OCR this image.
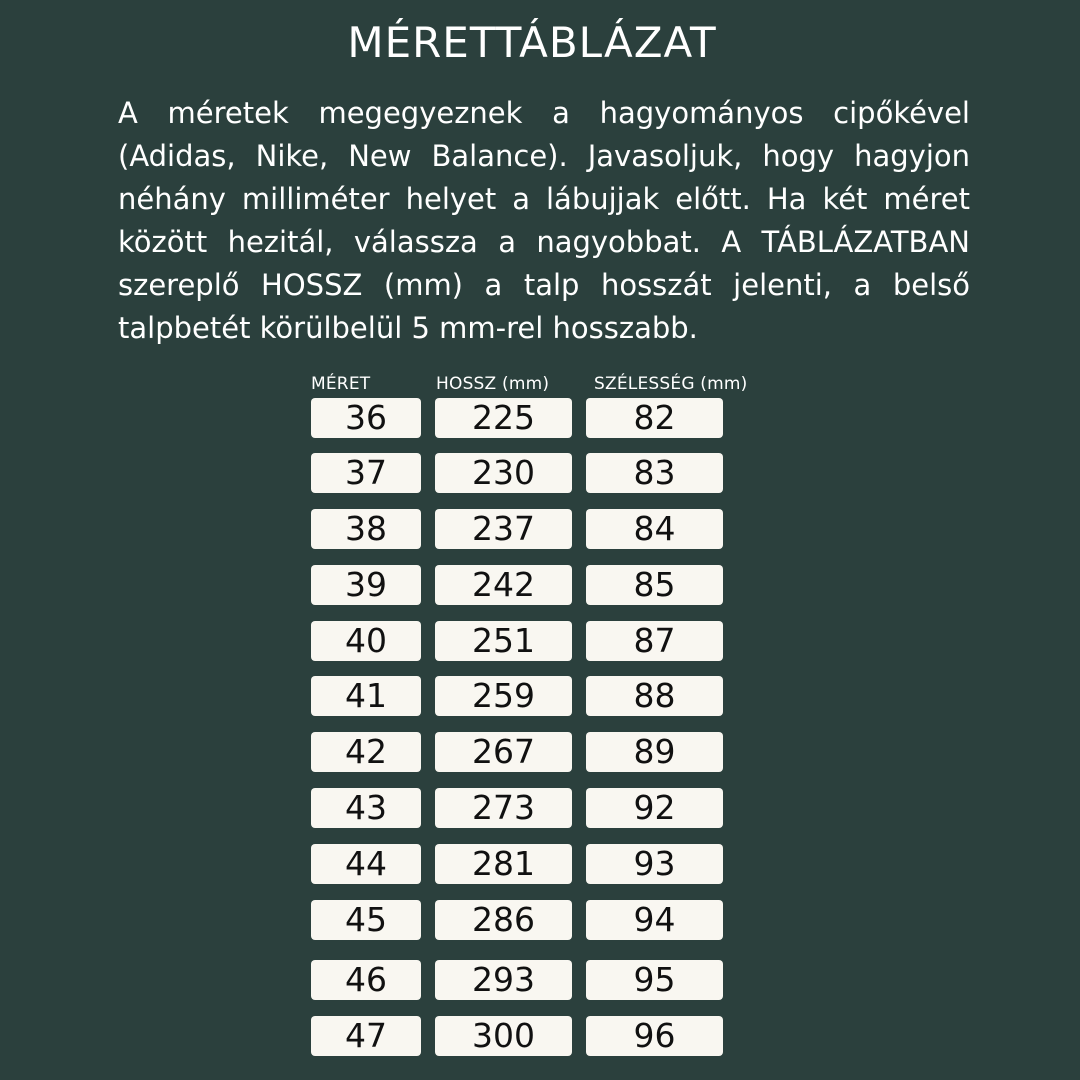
MÉRETTÁBLÁZAT

A méretek megegyeznek a hagyományos cipőkével (Adidas, Nike, New Balance). Javasoljuk, hogy hagyjon néhány milliméter helyet a lábujjak előtt. Ha két méret között hezitál, válassza a nagyobbat. A TÁBLÁZATBAN szereplő HOSSZ (mm) a talp hosszát jelenti, a belső talpbetét körülbelül 5 mm-rel hosszabb.

MÉRET	HOSSZ (mm)	SZÉLESSÉG (mm)
36	225	82
37	230	83
38	237	84
39	242	85
40	251	87
41	259	88
42	267	89
43	273	92
44	281	93
45	286	94
46	293	95
47	300	96
